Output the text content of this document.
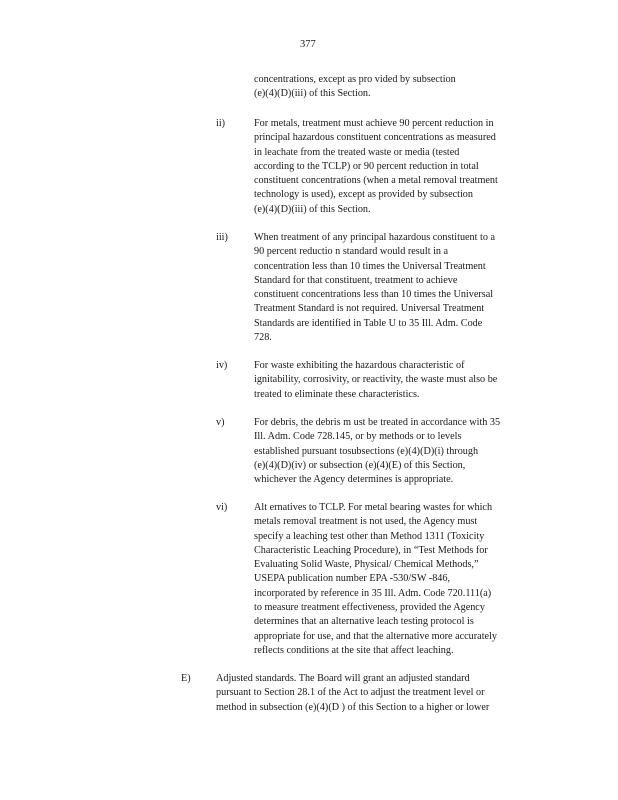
377
concentrations, except as pro vided by subsection
(e)(4)(D)(iii) of this Section.
ii)	For metals, treatment must achieve 90 percent reduction in
principal hazardous constituent concentrations as measured
in leachate from the treated waste or media (tested
according to the TCLP) or 90 percent reduction in total
constituent concentrations (when a metal removal treatment
technology is used), except as provided by subsection
(e)(4)(D)(iii) of this Section.
iii)	When treatment of any principal hazardous constituent to a
90 percent reductio n standard would result in a
concentration less than 10 times the Universal Treatment
Standard for that constituent, treatment to achieve
constituent concentrations less than 10 times the Universal
Treatment Standard is not required. Universal Treatment
Standards are identified in Table U to 35 Ill. Adm. Code
728.
iv)	For waste exhibiting the hazardous characteristic of
ignitability, corrosivity, or reactivity, the waste must also be
treated to eliminate these characteristics.
v)	For debris, the debris m ust be treated in accordance with 35
Ill. Adm. Code 728.145, or by methods or to levels
established pursuant tosubsections (e)(4)(D)(i) through
(e)(4)(D)(iv) or subsection (e)(4)(E) of this Section,
whichever the Agency determines is appropriate.
vi)	Alt ernatives to TCLP. For metal bearing wastes for which
metals removal treatment is not used, the Agency must
specify a leaching test other than Method 1311 (Toxicity
Characteristic Leaching Procedure), in “Test Methods for
Evaluating Solid Waste, Physical/ Chemical Methods,”
USEPA publication number EPA -530/SW -846,
incorporated by reference in 35 Ill. Adm. Code 720.111(a)
to measure treatment effectiveness, provided the Agency
determines that an alternative leach testing protocol is
appropriate for use, and that the alternative more accurately
reflects conditions at the site that affect leaching.
E) Adjusted standards. The Board will grant an adjusted standard
pursuant to Section 28.1 of the Act to adjust the treatment level or
method in subsection (e)(4)(D ) of this Section to a higher or lower
